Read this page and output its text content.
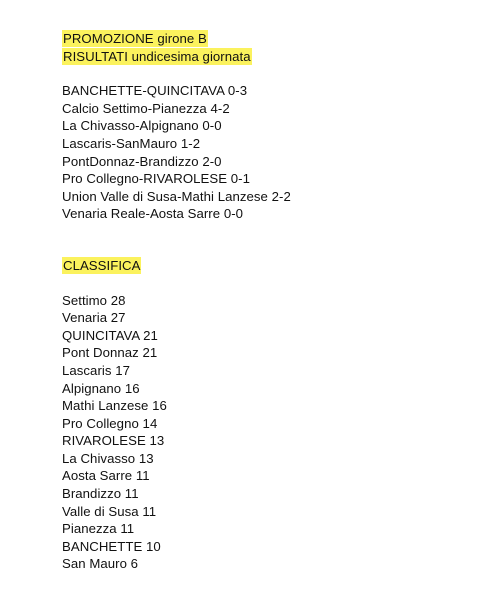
PROMOZIONE girone B
RISULTATI undicesima giornata
BANCHETTE-QUINCITAVA 0-3
Calcio Settimo-Pianezza 4-2
La Chivasso-Alpignano 0-0
Lascaris-SanMauro 1-2
PontDonnaz-Brandizzo 2-0
Pro Collegno-RIVAROLESE 0-1
Union Valle di Susa-Mathi Lanzese 2-2
Venaria Reale-Aosta Sarre 0-0
CLASSIFICA
Settimo 28
Venaria 27
QUINCITAVA 21
Pont Donnaz 21
Lascaris 17
Alpignano 16
Mathi Lanzese 16
Pro Collegno 14
RIVAROLESE 13
La Chivasso 13
Aosta Sarre 11
Brandizzo 11
Valle di Susa 11
Pianezza 11
BANCHETTE 10
San Mauro 6
